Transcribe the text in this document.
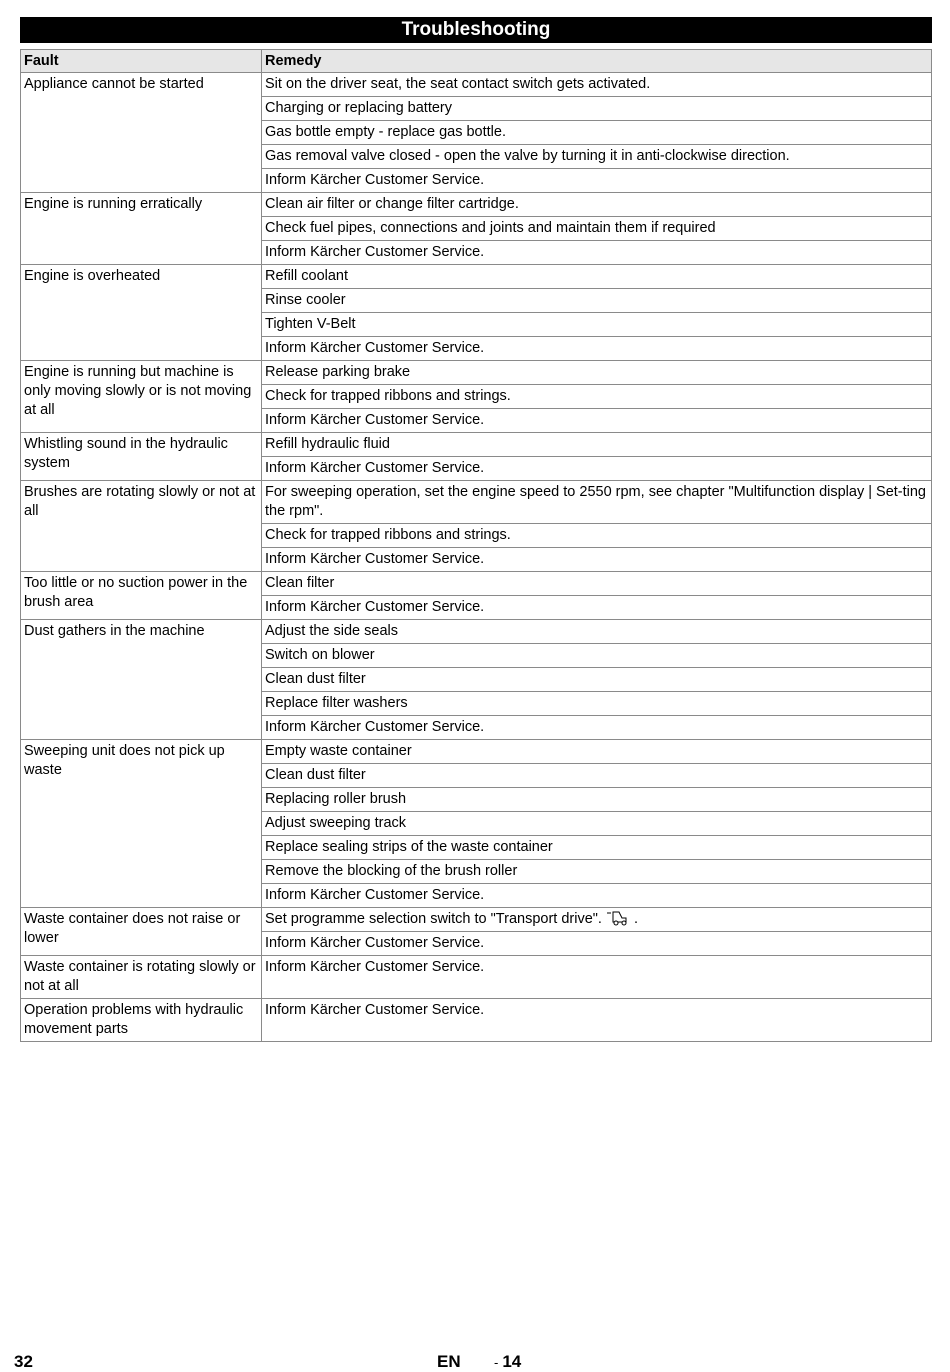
Troubleshooting
Fault	Remedy
Appliance cannot be started	Sit on the driver seat, the seat contact switch gets activated.
	Charging or replacing battery
	Gas bottle empty - replace gas bottle.
	Gas removal valve closed - open the valve by turning it in anti-clockwise direction.
	Inform Kärcher Customer Service.
Engine is running erratically	Clean air filter or change filter cartridge.
	Check fuel pipes, connections and joints and maintain them if required
	Inform Kärcher Customer Service.
Engine is overheated	Refill coolant
	Rinse cooler
	Tighten V-Belt
	Inform Kärcher Customer Service.
Engine is running but machine is only moving slowly or is not moving at all	Release parking brake
	Check for trapped ribbons and strings.
	Inform Kärcher Customer Service.
Whistling sound in the hydraulic system	Refill hydraulic fluid
	Inform Kärcher Customer Service.
Brushes are rotating slowly or not at all	For sweeping operation, set the engine speed to 2550 rpm, see chapter "Multifunction display | Set-ting the rpm".
	Check for trapped ribbons and strings.
	Inform Kärcher Customer Service.
Too little or no suction power in the brush area	Clean filter
	Inform Kärcher Customer Service.
Dust gathers in the machine	Adjust the side seals
	Switch on blower
	Clean dust filter
	Replace filter washers
	Inform Kärcher Customer Service.
Sweeping unit does not pick up waste	Empty waste container
	Clean dust filter
	Replacing roller brush
	Adjust sweeping track
	Replace sealing strips of the waste container
	Remove the blocking of the brush roller
	Inform Kärcher Customer Service.
Waste container does not raise or lower	Set programme selection switch to "Transport drive".  .
	Inform Kärcher Customer Service.
Waste container is rotating slowly or not at all	Inform Kärcher Customer Service.
Operation problems with hydraulic movement parts	Inform Kärcher Customer Service.
32	EN	- 14
